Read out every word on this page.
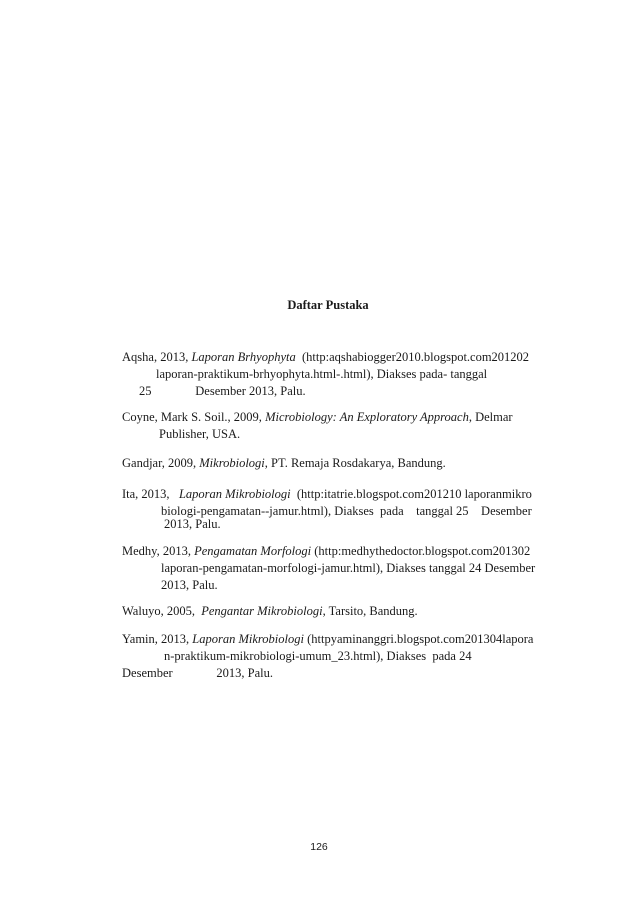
Daftar Pustaka

Aqsha, 2013, Laporan Brhyophyta  (http:aqshabiogger2010.blogspot.com201202

laporan-praktikum-brhyophyta.html-.html), Diakses pada- tanggal

25              Desember 2013, Palu.

Coyne, Mark S. Soil., 2009, Microbiology: An Exploratory Approach, Delmar

Publisher, USA.

Gandjar, 2009, Mikrobiologi, PT. Remaja Rosdakarya, Bandung.

Ita, 2013,   Laporan Mikrobiologi  (http:itatrie.blogspot.com201210 laporanmikro

biologi-pengamatan--jamur.html), Diakses  pada    tanggal 25    Desember

2013, Palu.

Medhy, 2013, Pengamatan Morfologi (http:medhythedoctor.blogspot.com201302

laporan-pengamatan-morfologi-jamur.html), Diakses tanggal 24 Desember

2013, Palu.

Waluyo, 2005,  Pengantar Mikrobiologi, Tarsito, Bandung.

Yamin, 2013, Laporan Mikrobiologi (httpyaminanggri.blogspot.com201304lapora

n-praktikum-mikrobiologi-umum_23.html), Diakses  pada 24

Desember              2013, Palu.

126
